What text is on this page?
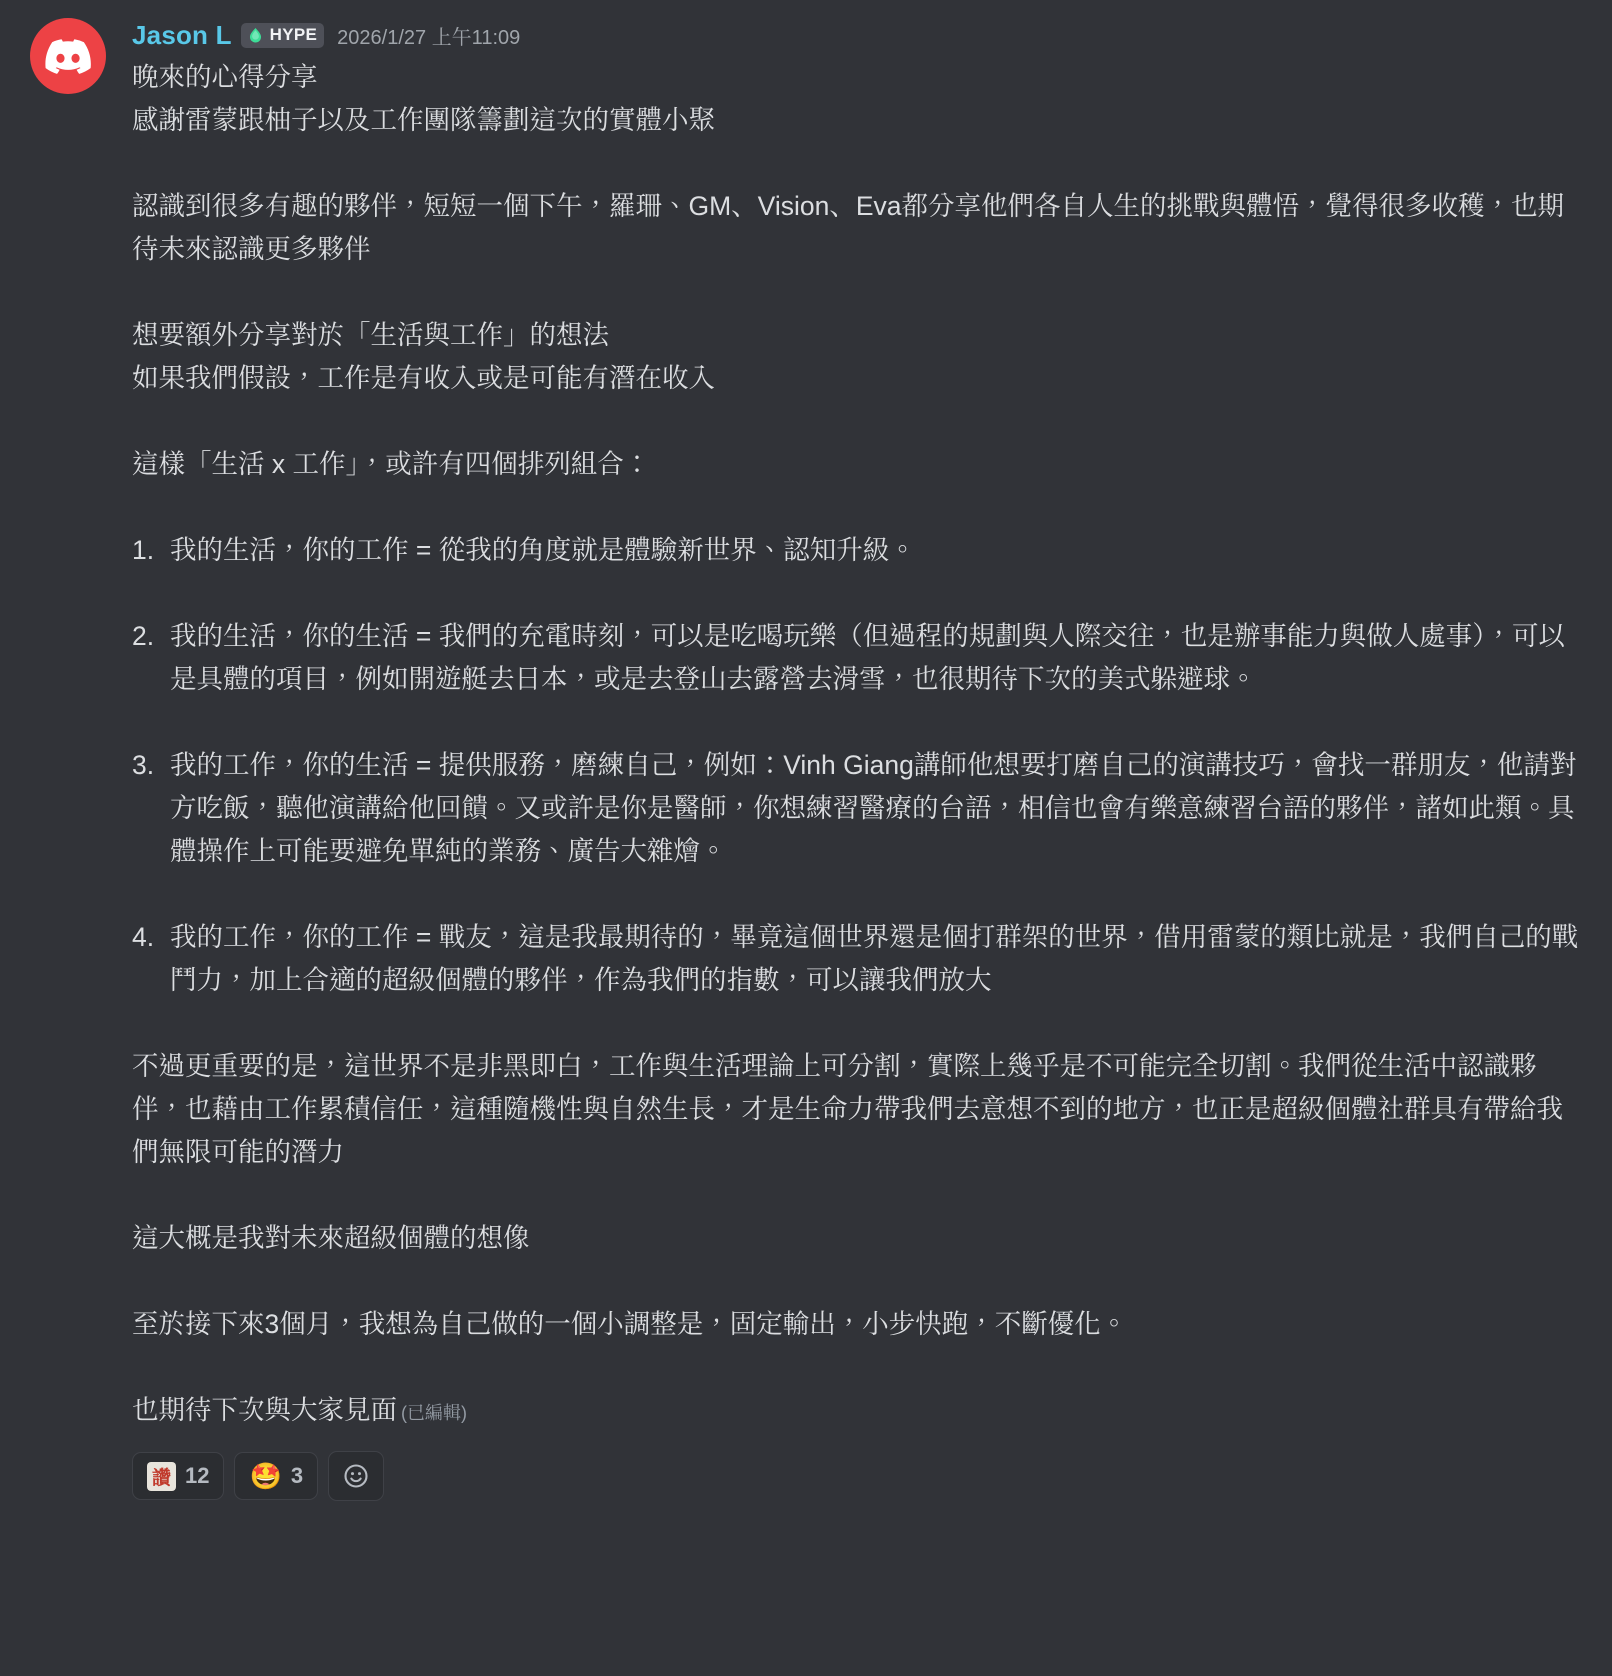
Jason L HYPE 2026/1/27 上午11:09
晚來的心得分享
感謝雷蒙跟柚子以及工作團隊籌劃這次的實體小聚
認識到很多有趣的夥伴，短短一個下午，羅珊、GM、Vision、Eva都分享他們各自人生的挑戰與體悟，覺得很多收穫，也期待未來認識更多夥伴
想要額外分享對於「生活與工作」的想法
如果我們假設，工作是有收入或是可能有潛在收入
這樣「生活 x 工作」，或許有四個排列組合：
1. 我的生活，你的工作 = 從我的角度就是體驗新世界、認知升級。
2. 我的生活，你的生活 = 我們的充電時刻，可以是吃喝玩樂（但過程的規劃與人際交往，也是辦事能力與做人處事），可以是具體的項目，例如開遊艇去日本，或是去登山去露營去滑雪，也很期待下次的美式躲避球。
3. 我的工作，你的生活 = 提供服務，磨練自己，例如：Vinh Giang講師他想要打磨自己的演講技巧，會找一群朋友，他請對方吃飯，聽他演講給他回饋。又或許是你是醫師，你想練習醫療的台語，相信也會有樂意練習台語的夥伴，諸如此類。具體操作上可能要避免單純的業務、廣告大雜燴。
4. 我的工作，你的工作 = 戰友，這是我最期待的，畢竟這個世界還是個打群架的世界，借用雷蒙的類比就是，我們自己的戰鬥力，加上合適的超級個體的夥伴，作為我們的指數，可以讓我們放大
不過更重要的是，這世界不是非黑即白，工作與生活理論上可分割，實際上幾乎是不可能完全切割。我們從生活中認識夥伴，也藉由工作累積信任，這種隨機性與自然生長，才是生命力帶我們去意想不到的地方，也正是超級個體社群具有帶給我們無限可能的潛力
這大概是我對未來超級個體的想像
至於接下來3個月，我想為自己做的一個小調整是，固定輸出，小步快跑，不斷優化。
也期待下次與大家見面 (已編輯)
讚 12 🤩 3
